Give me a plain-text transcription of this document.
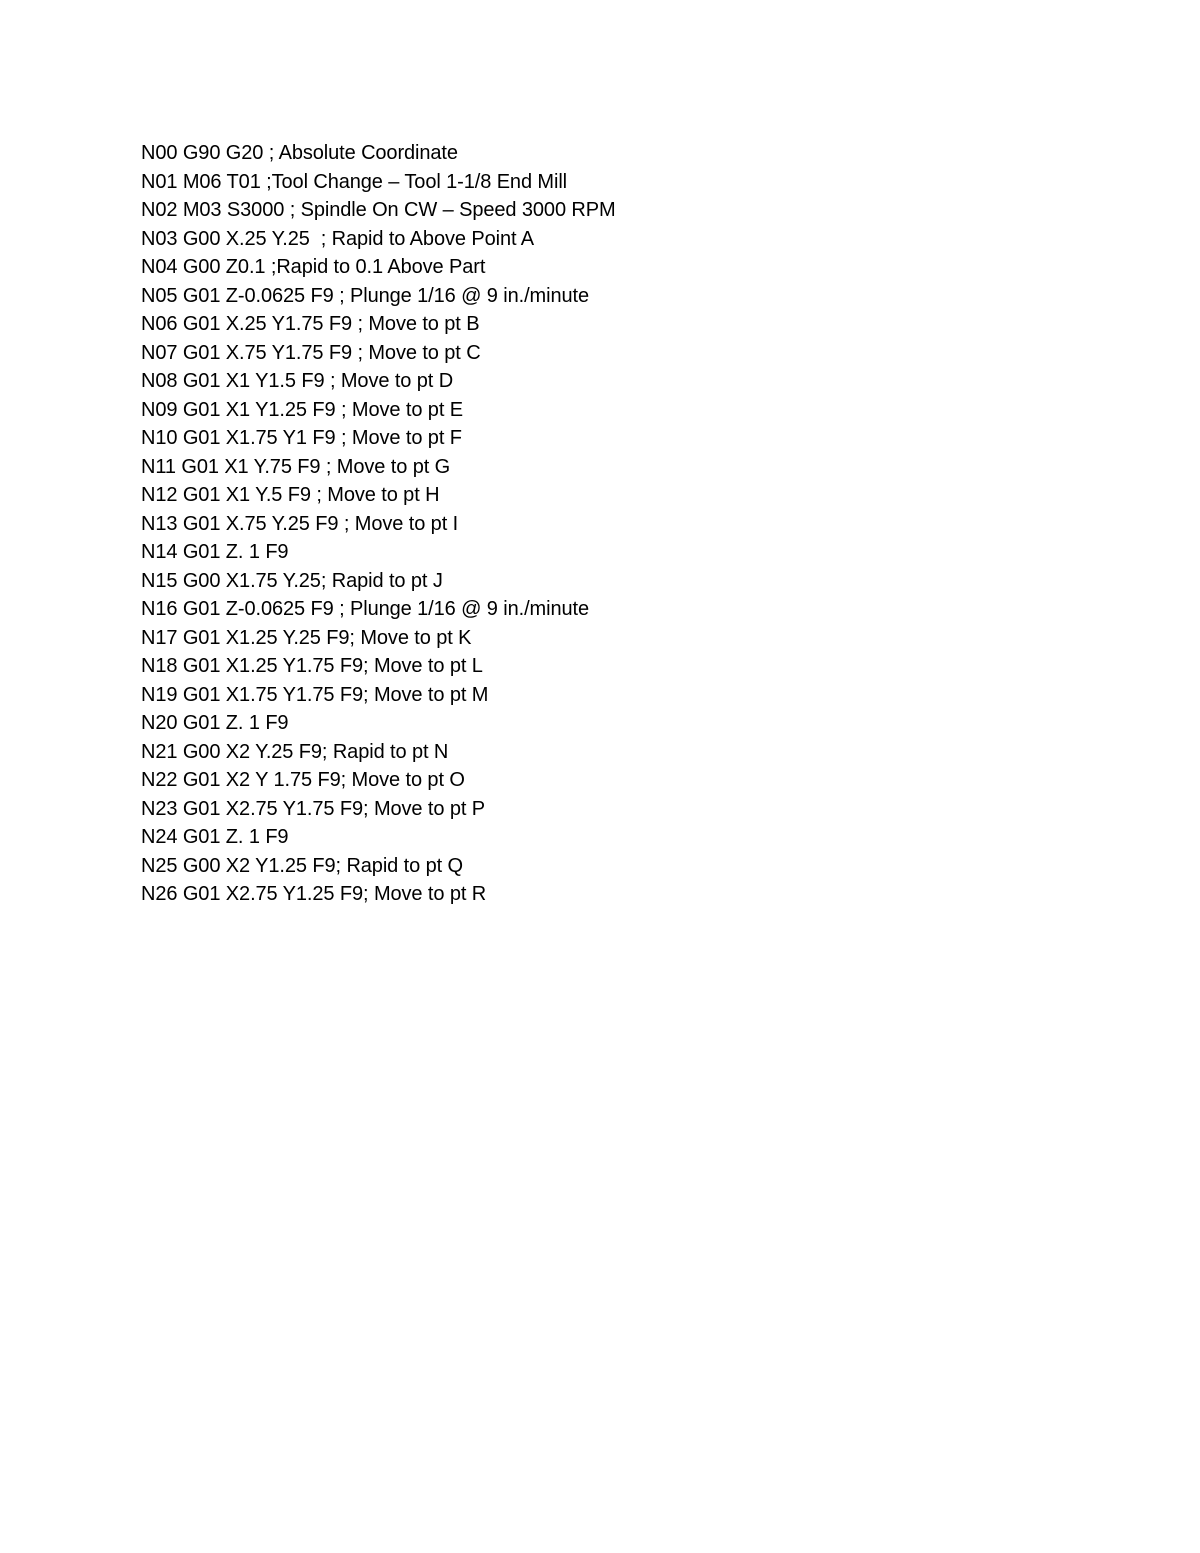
N00 G90 G20 ; Absolute Coordinate
N01 M06 T01 ;Tool Change – Tool 1-1/8 End Mill
N02 M03 S3000 ; Spindle On CW – Speed 3000 RPM
N03 G00 X.25 Y.25  ; Rapid to Above Point A
N04 G00 Z0.1 ;Rapid to 0.1 Above Part
N05 G01 Z-0.0625 F9 ; Plunge 1/16 @ 9 in./minute
N06 G01 X.25 Y1.75 F9 ; Move to pt B
N07 G01 X.75 Y1.75 F9 ; Move to pt C
N08 G01 X1 Y1.5 F9 ; Move to pt D
N09 G01 X1 Y1.25 F9 ; Move to pt E
N10 G01 X1.75 Y1 F9 ; Move to pt F
N11 G01 X1 Y.75 F9 ; Move to pt G
N12 G01 X1 Y.5 F9 ; Move to pt H
N13 G01 X.75 Y.25 F9 ; Move to pt I
N14 G01 Z. 1 F9
N15 G00 X1.75 Y.25; Rapid to pt J
N16 G01 Z-0.0625 F9 ; Plunge 1/16 @ 9 in./minute
N17 G01 X1.25 Y.25 F9; Move to pt K
N18 G01 X1.25 Y1.75 F9; Move to pt L
N19 G01 X1.75 Y1.75 F9; Move to pt M
N20 G01 Z. 1 F9
N21 G00 X2 Y.25 F9; Rapid to pt N
N22 G01 X2 Y 1.75 F9; Move to pt O
N23 G01 X2.75 Y1.75 F9; Move to pt P
N24 G01 Z. 1 F9
N25 G00 X2 Y1.25 F9; Rapid to pt Q
N26 G01 X2.75 Y1.25 F9; Move to pt R
